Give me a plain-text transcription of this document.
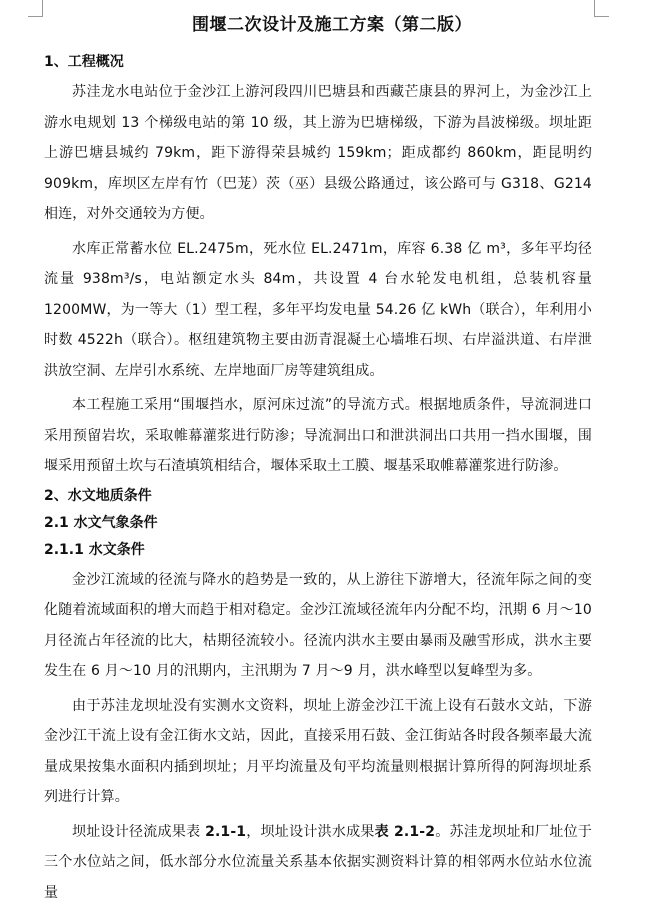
围堰二次设计及施工方案（第二版）
1、工程概况

苏洼龙水电站位于金沙江上游河段四川巴塘县和西藏芒康县的界河上，为金沙江上游水电规划 13 个梯级电站的第 10 级，其上游为巴塘梯级，下游为昌波梯级。坝址距上游巴塘县城约 79km，距下游得荣县城约 159km；距成都约 860km，距昆明约 909km，库坝区左岸有竹（巴茏）茨（巫）县级公路通过，该公路可与 G318、G214 相连，对外交通较为方便。

水库正常蓄水位 EL.2475m，死水位 EL.2471m，库容 6.38 亿 m³，多年平均径流量 938m³/s，电站额定水头 84m，共设置 4 台水轮发电机组，总装机容量 1200MW，为一等大（1）型工程，多年平均发电量 54.26 亿 kWh（联合），年利用小时数 4522h（联合）。枢纽建筑物主要由沥青混凝土心墙堆石坝、右岸溢洪道、右岸泄洪放空洞、左岸引水系统、左岸地面厂房等建筑组成。

本工程施工采用“围堰挡水，原河床过流”的导流方式。根据地质条件，导流洞进口采用预留岩坎，采取帷幕灌浆进行防渗；导流洞出口和泄洪洞出口共用一挡水围堰，围堰采用预留土坎与石渣填筑相结合，堰体采取土工膜、堰基采取帷幕灌浆进行防渗。

2、水文地质条件
2.1 水文气象条件
2.1.1 水文条件

金沙江流域的径流与降水的趋势是一致的，从上游往下游增大，径流年际之间的变化随着流域面积的增大而趋于相对稳定。金沙江流域径流年内分配不均，汛期 6 月～10 月径流占年径流的比大，枯期径流较小。径流内洪水主要由暴雨及融雪形成，洪水主要发生在 6 月～10 月的汛期内，主汛期为 7 月～9 月，洪水峰型以复峰型为多。

由于苏洼龙坝址没有实测水文资料，坝址上游金沙江干流上设有石鼓水文站，下游金沙江干流上设有金江街水文站，因此，直接采用石鼓、金江街站各时段各频率最大流量成果按集水面积内插到坝址；月平均流量及旬平均流量则根据计算所得的阿海坝址系列进行计算。

坝址设计径流成果表 2.1-1，坝址设计洪水成果表 2.1-2。苏洼龙坝址和厂址位于三个水位站之间，低水部分水位流量关系基本依据实测资料计算的相邻两水位站水位流量
